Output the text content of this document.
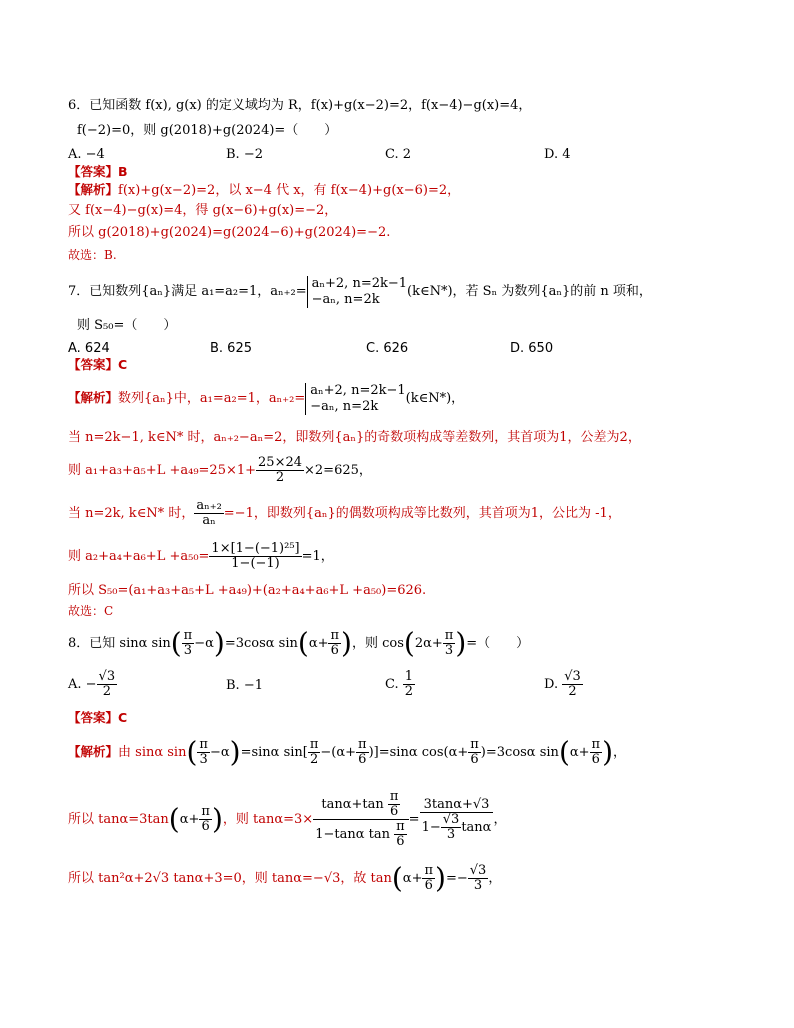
6．已知函数 f(x), g(x) 的定义域均为 R，f(x)+g(x−2)=2，f(x−4)−g(x)=4，
f(−2)=0，则 g(2018)+g(2024)=（　　）
A. −4	B. −2	C. 2	D. 4
【答案】B
【解析】f(x)+g(x−2)=2，以 x−4 代 x，有 f(x−4)+g(x−6)=2，
又 f(x−4)−g(x)=4，得 g(x−6)+g(x)=−2，
所以 g(2018)+g(2024)=g(2024−6)+g(2024)=−2.
故选：B.
7．已知数列{aₙ}满足 a₁=a₂=1，aₙ₊₂=
aₙ+2, n=2k−1
−aₙ, n=2k	(k∈N*)，若 Sₙ 为数列{aₙ}的前 n 项和，
则 S₅₀=（　　）
A. 624	B. 625	C. 626	D. 650
【答案】C
【解析】数列{aₙ}中，a₁=a₂=1，aₙ₊₂=
aₙ+2, n=2k−1
−aₙ, n=2k	(k∈N*)，
当 n=2k−1, k∈N* 时，aₙ₊₂−aₙ=2，即数列{aₙ}的奇数项构成等差数列，其首项为1，公差为2，
则 $a_1+a_3+a_5+L +a_{49}=25\times 1+ \frac{25\times 24}{2} \times 2=625$，
当 n=2k, k∈N* 时， $\frac{\text{aₙ₊₂}}{\text{aₙ}} =-1$，即数列{aₙ}的偶数项构成等比数列，其首项为1，公比为 -1，
则 $a_2+a_4+a_6+L +a_{50}= \frac{\text{1×[1−(−1)²⁵]}}{1-(-1)} =1$，
所以 S₅₀=(a₁+a₃+a₅+L +a₄₉)+(a₂+a₄+a₆+L +a₅₀)=626.
故选：C
8．已知 sinα $\sin( \frac{\pi}{3} -\alpha)=3\cos\alpha$ $\sin(\alpha+ \frac{\pi}{6}$ )，则 $\cos(2\alpha+ \frac{\pi}{3}$ )=（　　）
A. − $\frac{√3}{2}$	B. −1	C. $\frac{1}{2}$	D. $\frac{√3}{2}$
【答案】C
【解析】由 sinα $\sin( \frac{\pi}{3} -\alpha)=\sin\alpha$ $\sin[ \frac{\pi}{2} -(\alpha+ \frac{\pi}{6} )]=\sin\alpha$ $\cos(\alpha+ \frac{\pi}{6} )=3\cos\alpha$ $\sin(\alpha+ \frac{\pi}{6}$ )，
所以 $\tan\alpha=3\tan(\alpha+ \frac{\pi}{6}$ )，则 $\tan\alpha=3\times \frac{\tan\alpha+\tan \frac{\pi}{6}}{1-\tan\alpha \tan \frac{\pi}{6}} = \frac{3\tan\alpha+√3}{1- \frac{√3}{3} \tan\alpha}$ ，
所以 tan²α+2√3 tanα+3=0，则 tanα=−√3，故 $\tan(\alpha+ \frac{\pi}{6}$ )=− $\frac{√3}{3}$ ，
